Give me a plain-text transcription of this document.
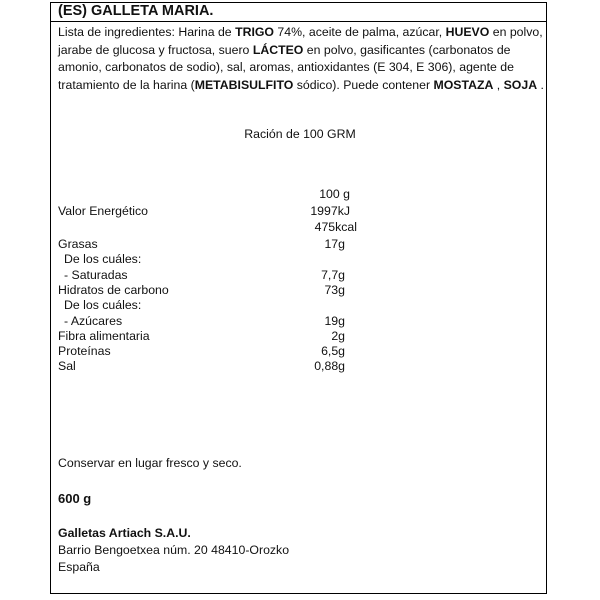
(ES) GALLETA MARIA.
Lista de ingredientes: Harina de TRIGO 74%, aceite de palma, azúcar, HUEVO en polvo, jarabe de glucosa y fructosa, suero LÁCTEO en polvo, gasificantes (carbonatos de amonio, carbonatos de sodio), sal, aromas, antioxidantes (E 304, E 306), agente de tratamiento de la harina (METABISULFITO sódico). Puede contener MOSTAZA , SOJA .
Ración de 100 GRM
100 g
Valor Energético	1997kJ
475kcal
Grasas	17g
De los cuáles:
- Saturadas	7,7g
Hidratos de carbono	73g
De los cuáles:
- Azúcares	19g
Fibra alimentaria	2g
Proteínas	6,5g
Sal	0,88g
Conservar en lugar fresco y seco.
600 g
Galletas Artiach S.A.U.
Barrio Bengoetxea núm. 20 48410-Orozko
España
